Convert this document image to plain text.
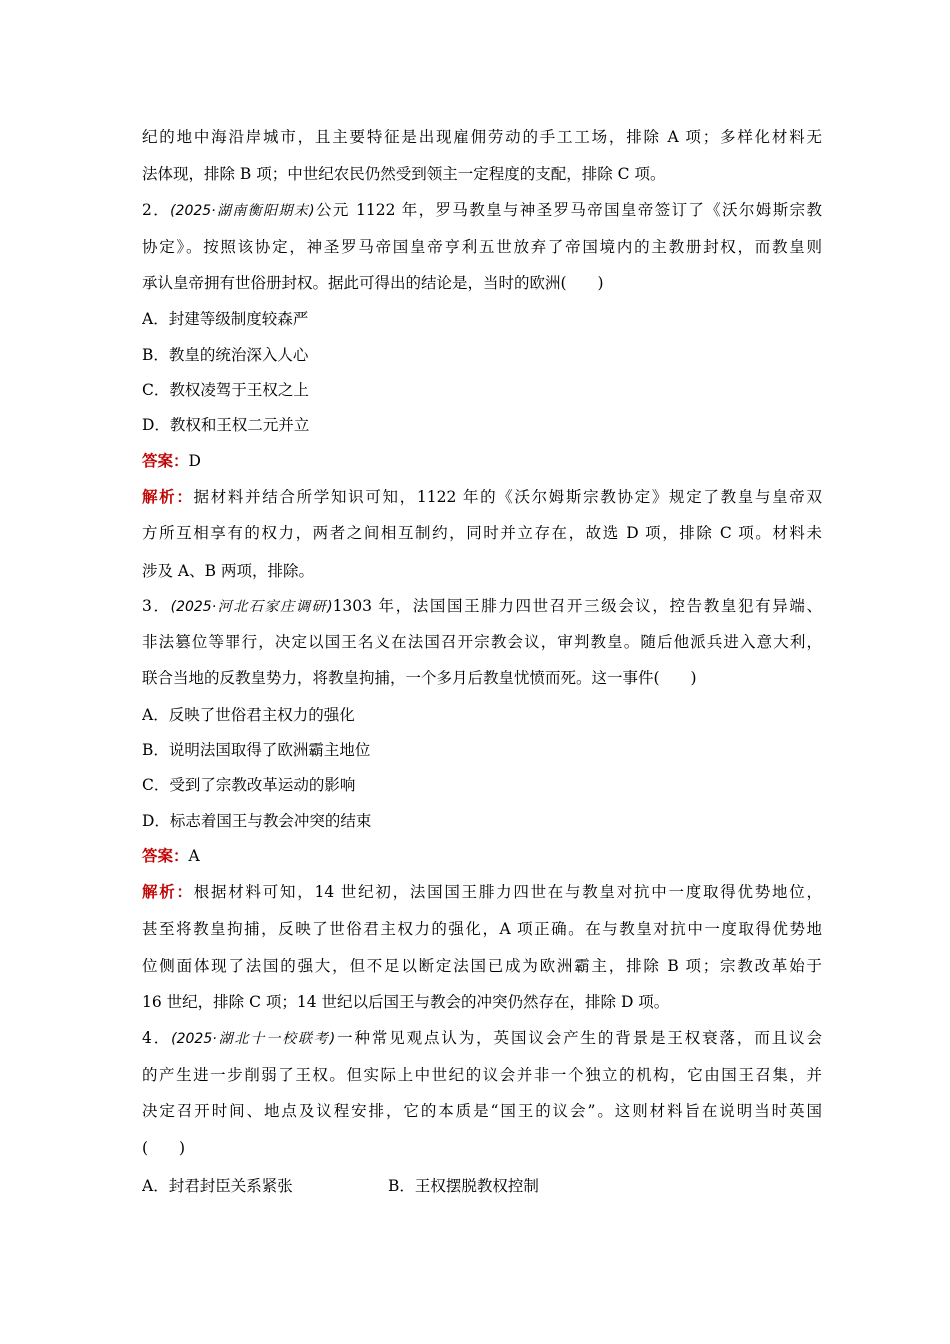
纪的地中海沿岸城市，且主要特征是出现雇佣劳动的手工工场，排除 A 项；多样化材料无
法体现，排除 B 项；中世纪农民仍然受到领主一定程度的支配，排除 C 项。
2．(2025·湖南衡阳期末)公元 1122 年，罗马教皇与神圣罗马帝国皇帝签订了《沃尔姆斯宗教
协定》。按照该协定，神圣罗马帝国皇帝亨利五世放弃了帝国境内的主教册封权，而教皇则
承认皇帝拥有世俗册封权。据此可得出的结论是，当时的欧洲(　　)
A．封建等级制度较森严
B．教皇的统治深入人心
C．教权凌驾于王权之上
D．教权和王权二元并立
答案：D
解析：据材料并结合所学知识可知，1122 年的《沃尔姆斯宗教协定》规定了教皇与皇帝双
方所互相享有的权力，两者之间相互制约，同时并立存在，故选 D 项，排除 C 项。材料未
涉及 A、B 两项，排除。
3．(2025·河北石家庄调研)1303 年，法国国王腓力四世召开三级会议，控告教皇犯有异端、
非法篡位等罪行，决定以国王名义在法国召开宗教会议，审判教皇。随后他派兵进入意大利，
联合当地的反教皇势力，将教皇拘捕，一个多月后教皇忧愤而死。这一事件(　　)
A．反映了世俗君主权力的强化
B．说明法国取得了欧洲霸主地位
C．受到了宗教改革运动的影响
D．标志着国王与教会冲突的结束
答案：A
解析：根据材料可知，14 世纪初，法国国王腓力四世在与教皇对抗中一度取得优势地位，
甚至将教皇拘捕，反映了世俗君主权力的强化，A 项正确。在与教皇对抗中一度取得优势地
位侧面体现了法国的强大，但不足以断定法国已成为欧洲霸主，排除 B 项；宗教改革始于
16 世纪，排除 C 项；14 世纪以后国王与教会的冲突仍然存在，排除 D 项。
4．(2025·湖北十一校联考)一种常见观点认为，英国议会产生的背景是王权衰落，而且议会
的产生进一步削弱了王权。但实际上中世纪的议会并非一个独立的机构，它由国王召集，并
决定召开时间、地点及议程安排，它的本质是“国王的议会”。这则材料旨在说明当时英国
(　　)
A．封君封臣关系紧张	B．王权摆脱教权控制
